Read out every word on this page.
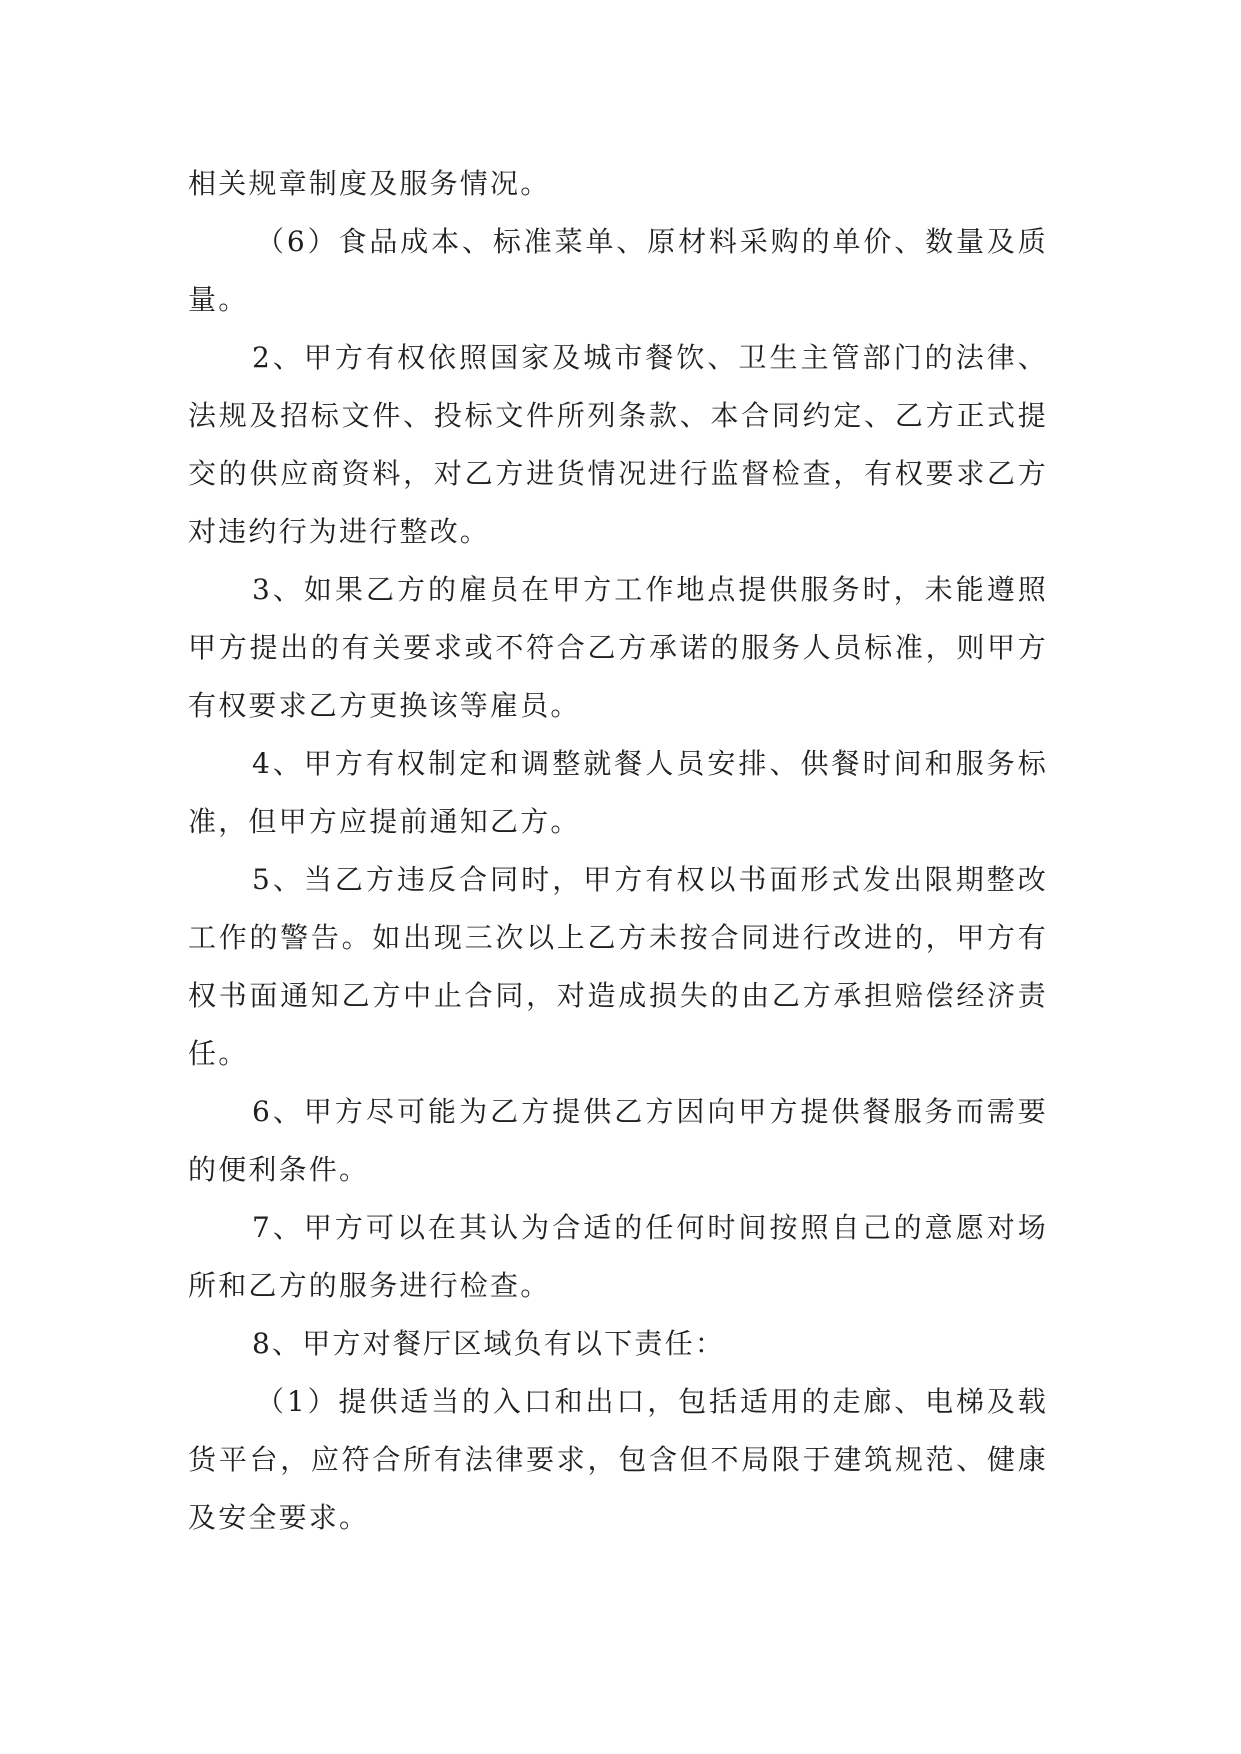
相关规章制度及服务情况。

（6）食品成本、标准菜单、原材料采购的单价、数量及质量。

2、甲方有权依照国家及城市餐饮、卫生主管部门的法律、法规及招标文件、投标文件所列条款、本合同约定、乙方正式提交的供应商资料，对乙方进货情况进行监督检查，有权要求乙方对违约行为进行整改。

3、如果乙方的雇员在甲方工作地点提供服务时，未能遵照甲方提出的有关要求或不符合乙方承诺的服务人员标准，则甲方有权要求乙方更换该等雇员。

4、甲方有权制定和调整就餐人员安排、供餐时间和服务标准，但甲方应提前通知乙方。

5、当乙方违反合同时，甲方有权以书面形式发出限期整改工作的警告。如出现三次以上乙方未按合同进行改进的，甲方有权书面通知乙方中止合同，对造成损失的由乙方承担赔偿经济责任。

6、甲方尽可能为乙方提供乙方因向甲方提供餐服务而需要的便利条件。

7、甲方可以在其认为合适的任何时间按照自己的意愿对场所和乙方的服务进行检查。

8、甲方对餐厅区域负有以下责任：

（1）提供适当的入口和出口，包括适用的走廊、电梯及载货平台，应符合所有法律要求，包含但不局限于建筑规范、健康及安全要求。
